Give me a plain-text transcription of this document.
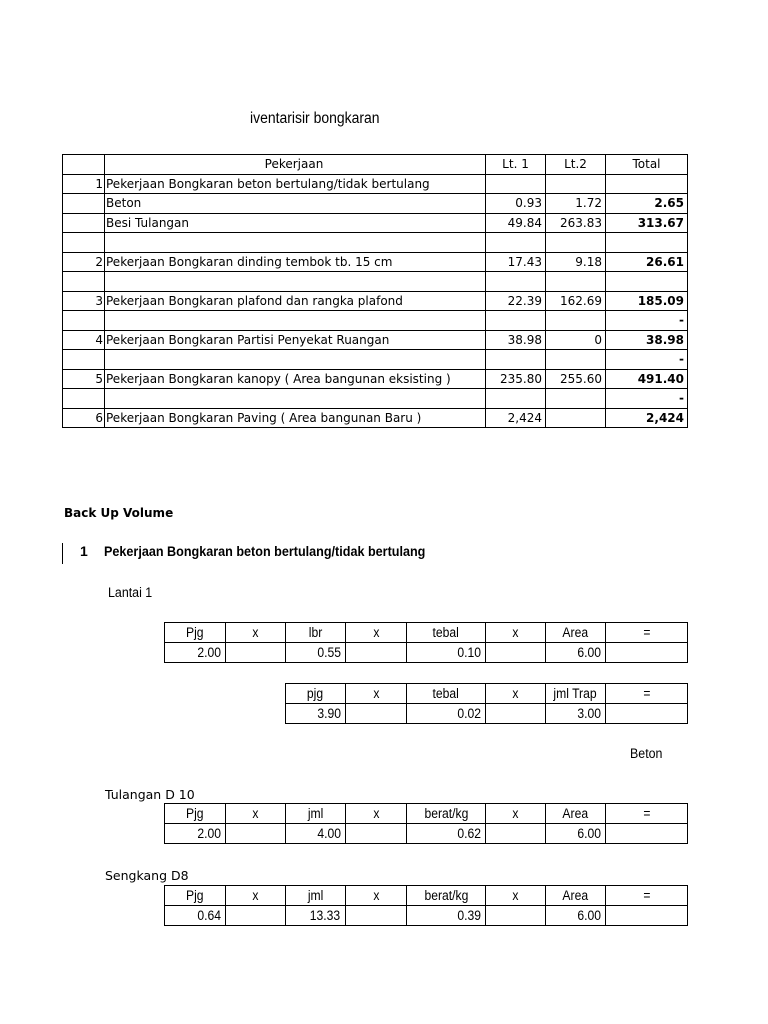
iventarisir bongkaran
	Pekerjaan	Lt. 1	Lt.2	Total
1	Pekerjaan Bongkaran beton bertulang/tidak bertulang			
	Beton	0.93	1.72	2.65
	Besi Tulangan	49.84	263.83	313.67

2	Pekerjaan Bongkaran dinding tembok tb. 15 cm	17.43	9.18	26.61

3	Pekerjaan Bongkaran plafond dan rangka plafond	22.39	162.69	185.09
				-
4	Pekerjaan Bongkaran Partisi Penyekat Ruangan	38.98	0	38.98
				-
5	Pekerjaan Bongkaran kanopy ( Area bangunan eksisting )	235.80	255.60	491.40
				-
6	Pekerjaan Bongkaran Paving ( Area bangunan Baru )	2,424		2,424
Back Up Volume
1 Pekerjaan Bongkaran beton bertulang/tidak bertulang
Lantai 1
Pjg	x	lbr	x	tebal	x	Area	=
2.00		0.55		0.10		6.00	
pjg	x	tebal	x	jml Trap	=
3.90		0.02		3.00	
Beton
Tulangan D 10
Pjg	x	jml	x	berat/kg	x	Area	=
2.00		4.00		0.62		6.00	
Sengkang D8
Pjg	x	jml	x	berat/kg	x	Area	=
0.64		13.33		0.39		6.00	
